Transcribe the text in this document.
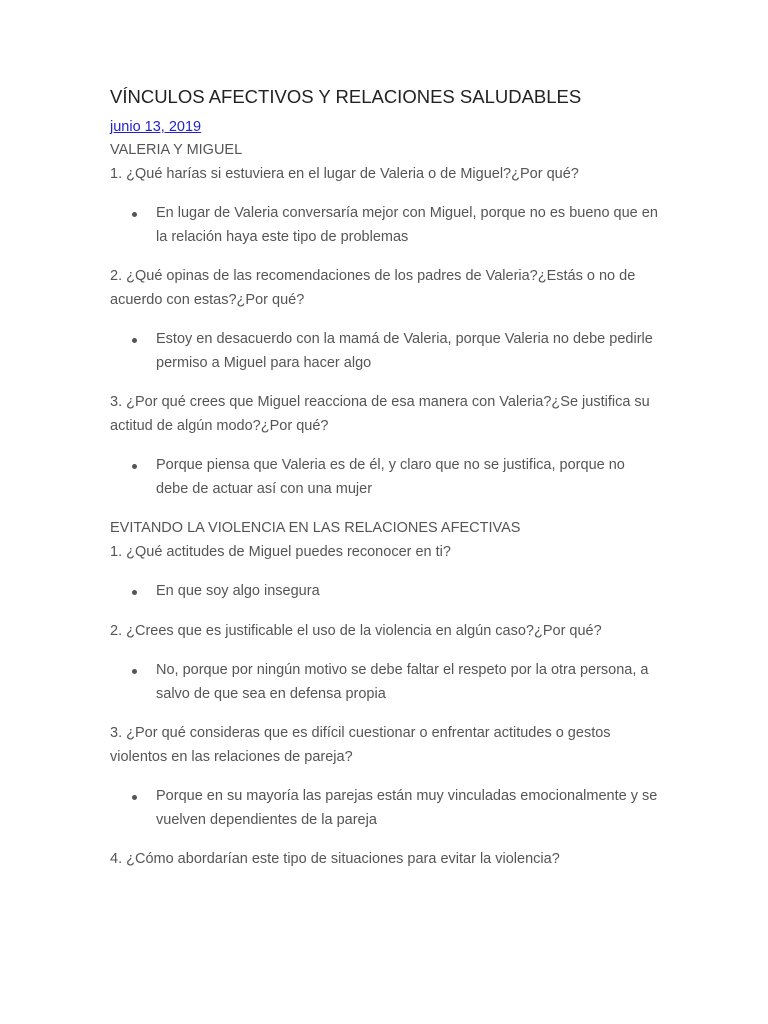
VÍNCULOS AFECTIVOS Y RELACIONES SALUDABLES
junio 13, 2019

VALERIA Y MIGUEL

1. ¿Qué harías si estuviera en el lugar de Valeria o de Miguel?¿Por qué?

En lugar de Valeria conversaría mejor con Miguel, porque no es bueno que en la relación haya este tipo de problemas

2. ¿Qué opinas de las recomendaciones de los padres de Valeria?¿Estás o no de acuerdo con estas?¿Por qué?

Estoy en desacuerdo con la mamá de Valeria, porque Valeria no debe pedirle permiso a Miguel para hacer algo

3. ¿Por qué crees que Miguel reacciona de esa manera con Valeria?¿Se justifica su actitud de algún modo?¿Por qué?

Porque piensa que Valeria es de él, y claro que no se justifica, porque no debe de actuar así con una mujer

EVITANDO LA VIOLENCIA EN LAS RELACIONES AFECTIVAS

1. ¿Qué actitudes de Miguel puedes reconocer en ti?

En que soy algo insegura

2. ¿Crees que es justificable el uso de la violencia en algún caso?¿Por qué?

No, porque por ningún motivo se debe faltar el respeto por la otra persona, a salvo de que sea en defensa propia

3. ¿Por qué consideras que es difícil cuestionar o enfrentar actitudes o gestos violentos en las relaciones de pareja?

Porque en su mayoría las parejas están muy vinculadas emocionalmente y se vuelven dependientes de la pareja

4. ¿Cómo abordarían este tipo de situaciones para evitar la violencia?
